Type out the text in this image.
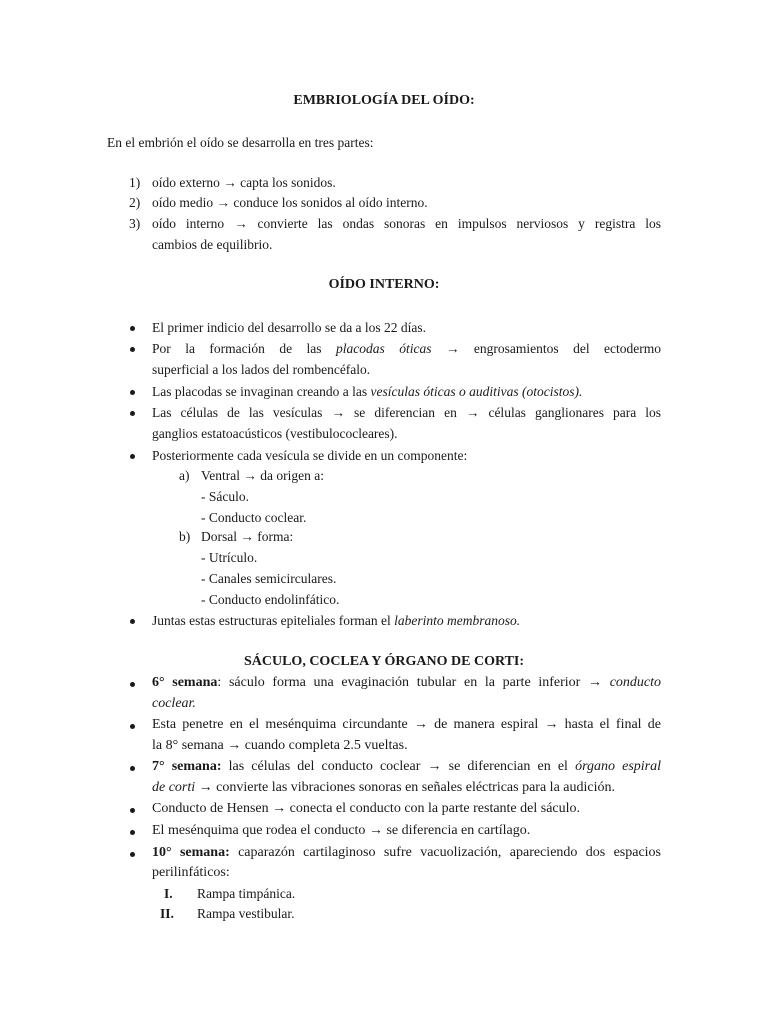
EMBRIOLOGÍA DEL OÍDO:
En el embrión el oído se desarrolla en tres partes:
1) oído externo → capta los sonidos.
2) oído medio → conduce los sonidos al oído interno.
3) oído interno → convierte las ondas sonoras en impulsos nerviosos y registra los
cambios de equilibrio.
OÍDO INTERNO:
El primer indicio del desarrollo se da a los 22 días.
Por la formación de las placodas óticas → engrosamientos del ectodermo
superficial a los lados del rombencéfalo.
Las placodas se invaginan creando a las vesículas óticas o auditivas (otocistos).
Las células de las vesículas → se diferencian en → células ganglionares para los
ganglios estatoacústicos (vestibulococleares).
Posteriormente cada vesícula se divide en un componente:
a) Ventral → da origen a:
- Sáculo.
- Conducto coclear.
b) Dorsal → forma:
- Utrículo.
- Canales semicirculares.
- Conducto endolinfático.
Juntas estas estructuras epiteliales forman el laberinto membranoso.
SÁCULO, COCLEA Y ÓRGANO DE CORTI:
6° semana: sáculo forma una evaginación tubular en la parte inferior → conducto
coclear.
Esta penetre en el mesénquima circundante → de manera espiral → hasta el final de
la 8° semana → cuando completa 2.5 vueltas.
7° semana: las células del conducto coclear → se diferencian en el órgano espiral
de corti → convierte las vibraciones sonoras en señales eléctricas para la audición.
Conducto de Hensen → conecta el conducto con la parte restante del sáculo.
El mesénquima que rodea el conducto → se diferencia en cartílago.
10° semana: caparazón cartilaginoso sufre vacuolización, apareciendo dos espacios
perilinfáticos:
I. Rampa timpánica.
II. Rampa vestibular.
